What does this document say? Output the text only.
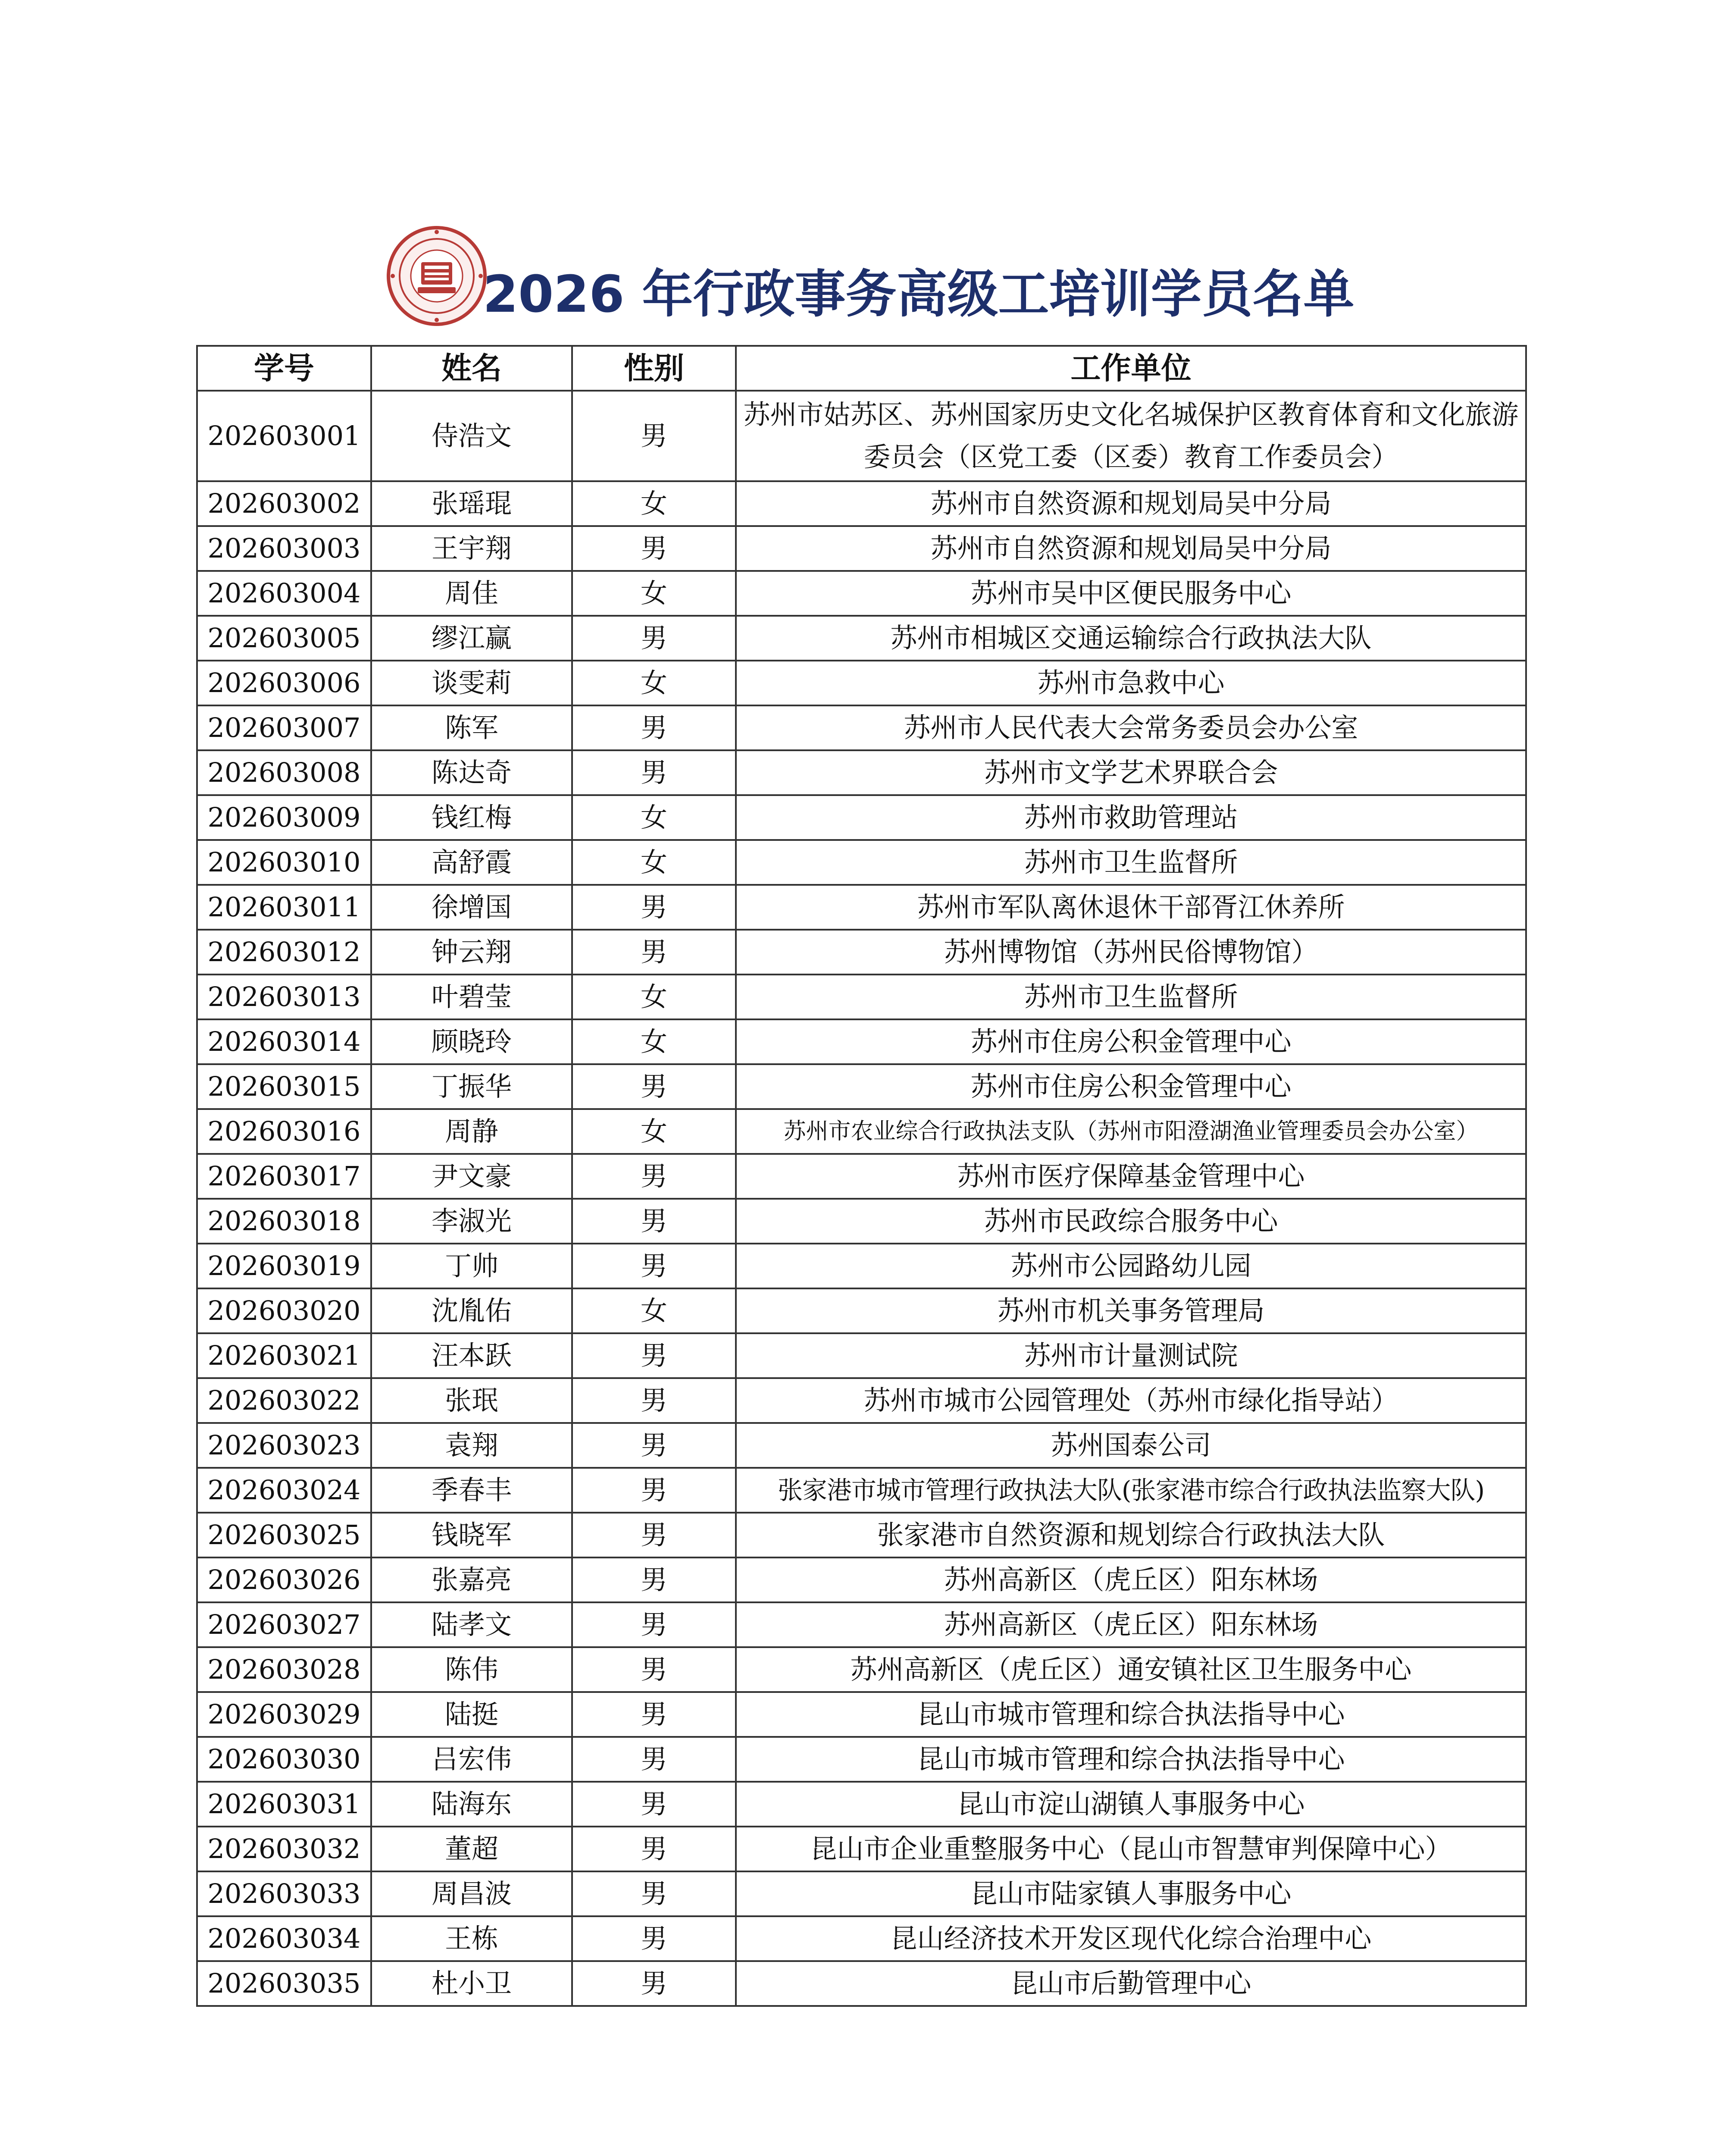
2026 年行政事务高级工培训学员名单
学号	姓名	性别	工作单位
202603001	侍浩文	男	苏州市姑苏区、苏州国家历史文化名城保护区教育体育和文化旅游委员会（区党工委（区委）教育工作委员会）
202603002	张瑶琨	女	苏州市自然资源和规划局吴中分局
202603003	王宇翔	男	苏州市自然资源和规划局吴中分局
202603004	周佳	女	苏州市吴中区便民服务中心
202603005	缪江赢	男	苏州市相城区交通运输综合行政执法大队
202603006	谈雯莉	女	苏州市急救中心
202603007	陈军	男	苏州市人民代表大会常务委员会办公室
202603008	陈达奇	男	苏州市文学艺术界联合会
202603009	钱红梅	女	苏州市救助管理站
202603010	高舒霞	女	苏州市卫生监督所
202603011	徐增国	男	苏州市军队离休退休干部胥江休养所
202603012	钟云翔	男	苏州博物馆（苏州民俗博物馆）
202603013	叶碧莹	女	苏州市卫生监督所
202603014	顾晓玲	女	苏州市住房公积金管理中心
202603015	丁振华	男	苏州市住房公积金管理中心
202603016	周静	女	苏州市农业综合行政执法支队（苏州市阳澄湖渔业管理委员会办公室）
202603017	尹文豪	男	苏州市医疗保障基金管理中心
202603018	李淑光	男	苏州市民政综合服务中心
202603019	丁帅	男	苏州市公园路幼儿园
202603020	沈胤佑	女	苏州市机关事务管理局
202603021	汪本跃	男	苏州市计量测试院
202603022	张珉	男	苏州市城市公园管理处（苏州市绿化指导站）
202603023	袁翔	男	苏州国泰公司
202603024	季春丰	男	张家港市城市管理行政执法大队(张家港市综合行政执法监察大队)
202603025	钱晓军	男	张家港市自然资源和规划综合行政执法大队
202603026	张嘉亮	男	苏州高新区（虎丘区）阳东林场
202603027	陆孝文	男	苏州高新区（虎丘区）阳东林场
202603028	陈伟	男	苏州高新区（虎丘区）通安镇社区卫生服务中心
202603029	陆挺	男	昆山市城市管理和综合执法指导中心
202603030	吕宏伟	男	昆山市城市管理和综合执法指导中心
202603031	陆海东	男	昆山市淀山湖镇人事服务中心
202603032	董超	男	昆山市企业重整服务中心（昆山市智慧审判保障中心）
202603033	周昌波	男	昆山市陆家镇人事服务中心
202603034	王栋	男	昆山经济技术开发区现代化综合治理中心
202603035	杜小卫	男	昆山市后勤管理中心
